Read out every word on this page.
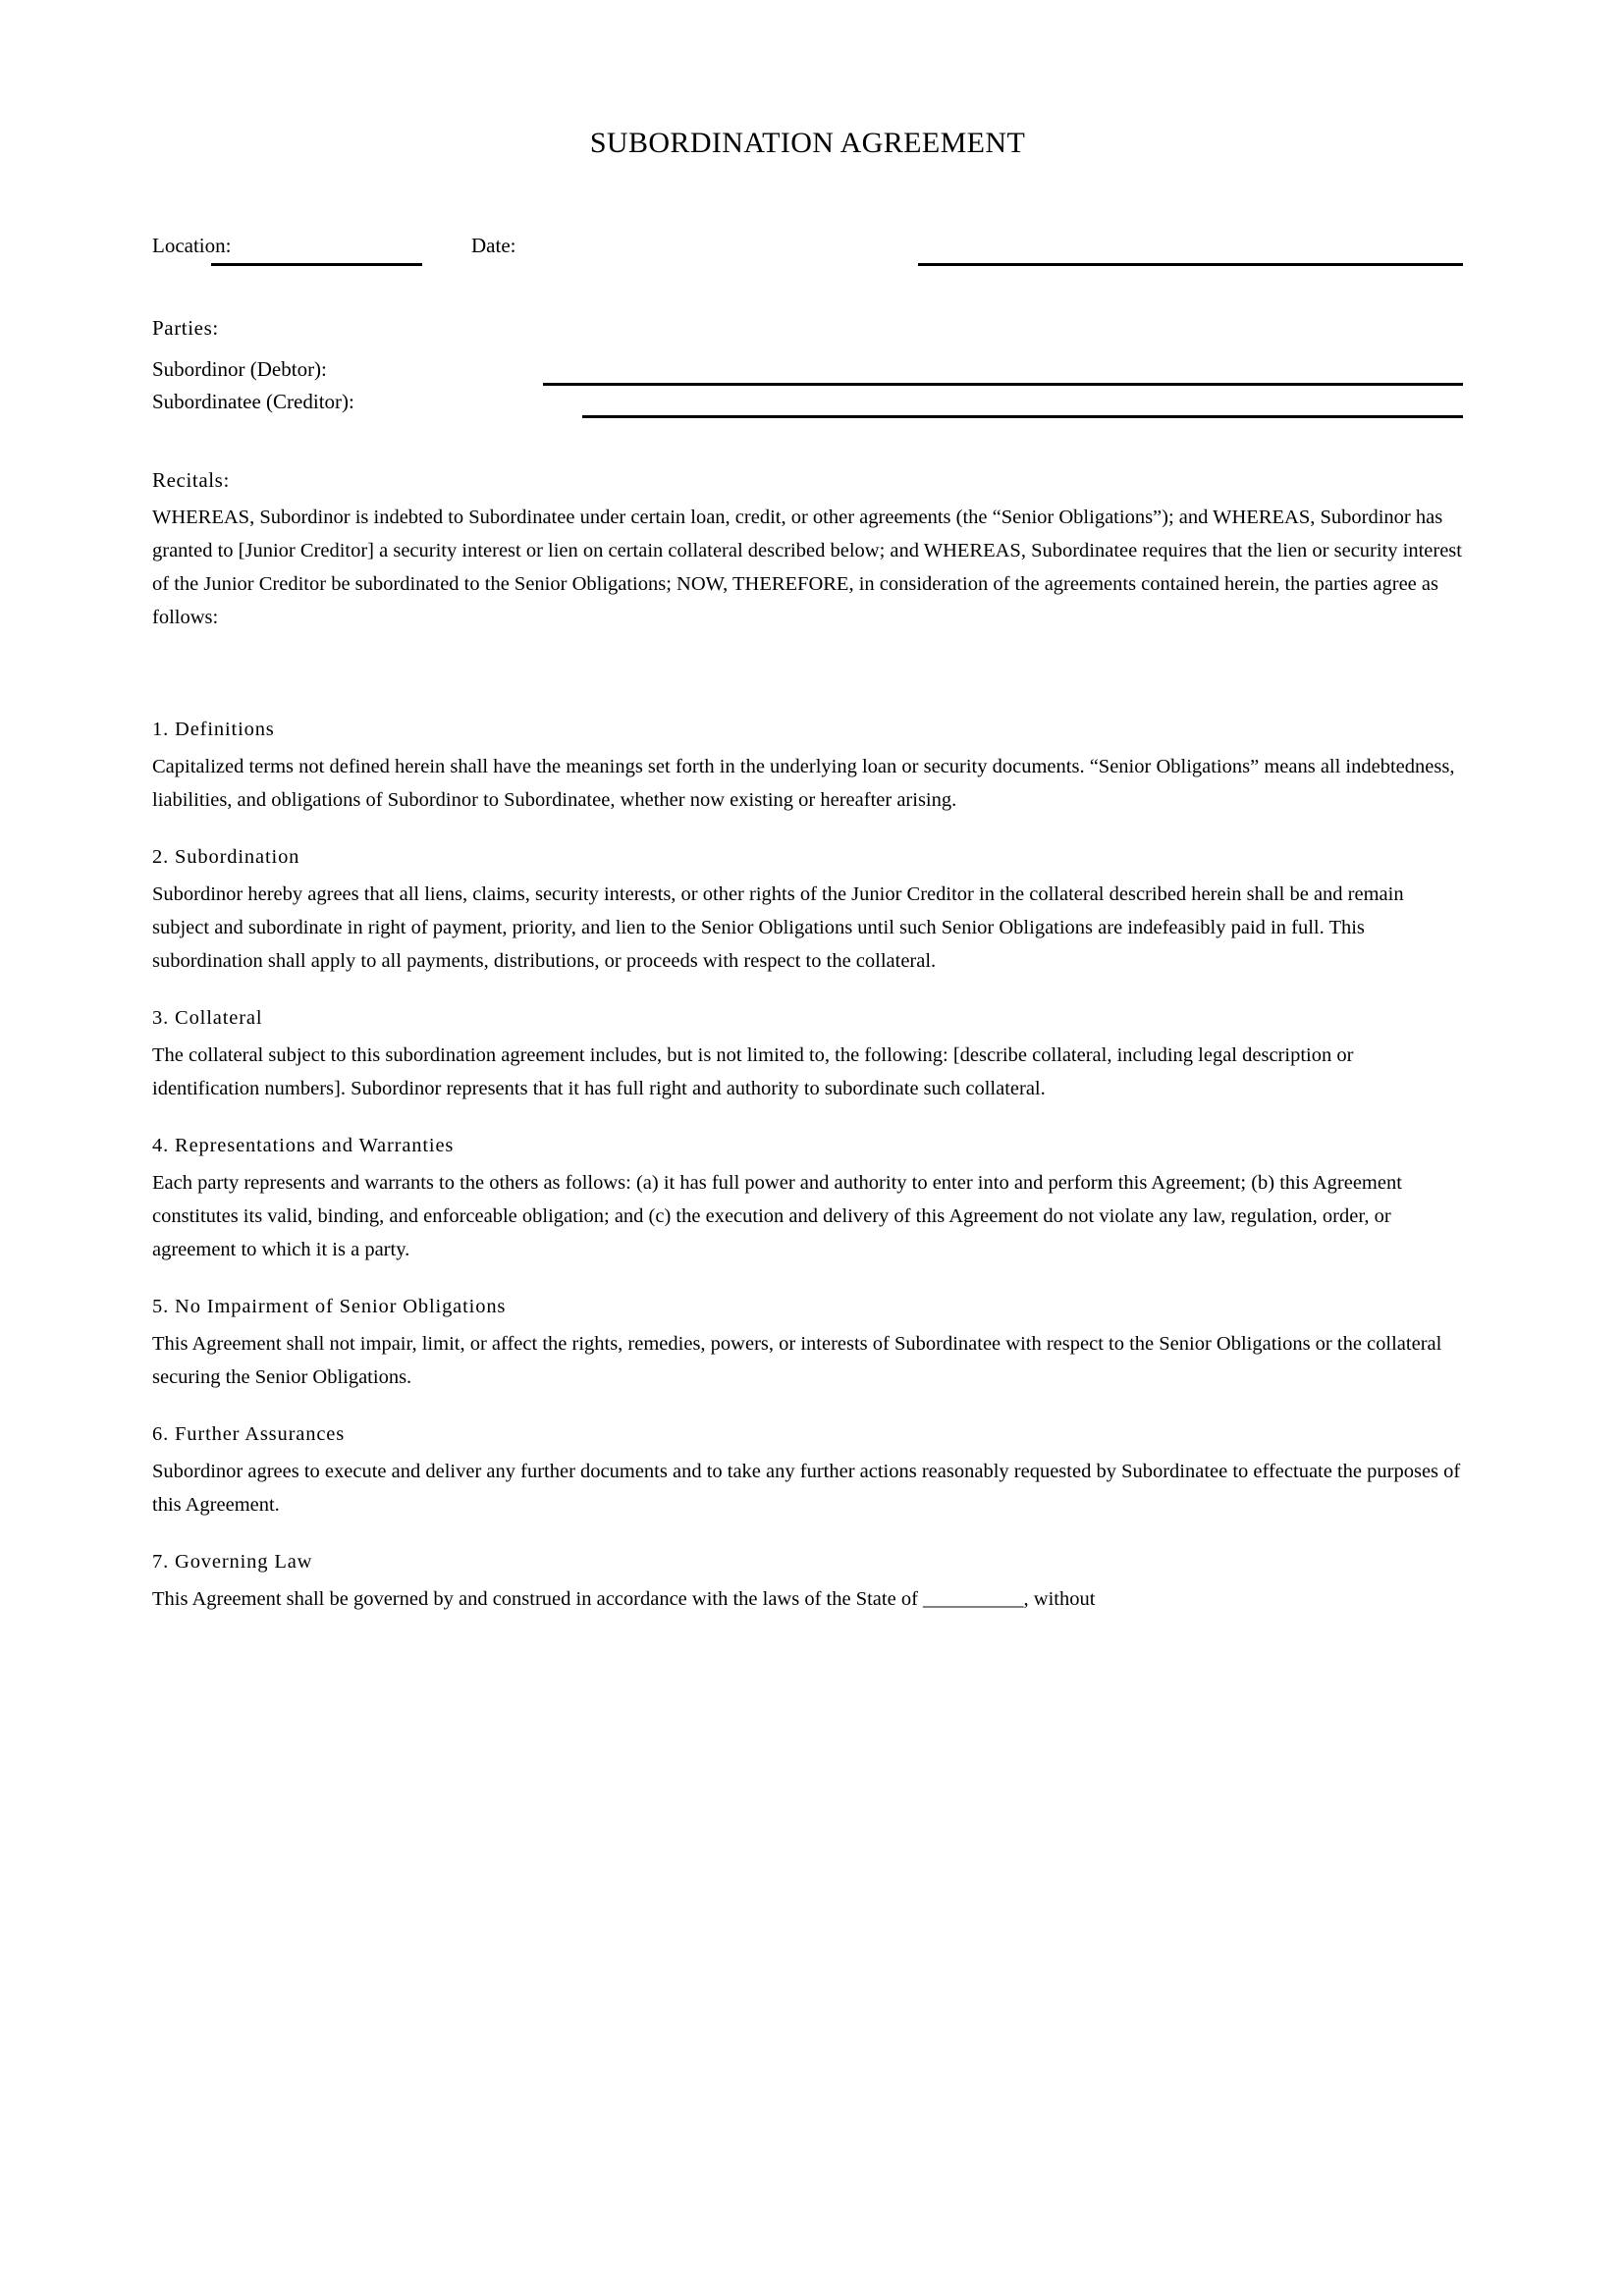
SUBORDINATION AGREEMENT
Location:	Date:
Parties:
Subordinor (Debtor):
Subordinatee (Creditor):
Recitals:

WHEREAS, Subordinor is indebted to Subordinatee under certain loan, credit, or other agreements (the “Senior Obligations”); and WHEREAS, Subordinor has granted to [Junior Creditor] a security interest or lien on certain collateral described below; and WHEREAS, Subordinatee requires that the lien or security interest of the Junior Creditor be subordinated to the Senior Obligations; NOW, THEREFORE, in consideration of the agreements contained herein, the parties agree as follows:

1. Definitions

Capitalized terms not defined herein shall have the meanings set forth in the underlying loan or security documents. “Senior Obligations” means all indebtedness, liabilities, and obligations of Subordinor to Subordinatee, whether now existing or hereafter arising.

2. Subordination

Subordinor hereby agrees that all liens, claims, security interests, or other rights of the Junior Creditor in the collateral described herein shall be and remain subject and subordinate in right of payment, priority, and lien to the Senior Obligations until such Senior Obligations are indefeasibly paid in full. This subordination shall apply to all payments, distributions, or proceeds with respect to the collateral.

3. Collateral

The collateral subject to this subordination agreement includes, but is not limited to, the following: [describe collateral, including legal description or identification numbers]. Subordinor represents that it has full right and authority to subordinate such collateral.

4. Representations and Warranties

Each party represents and warrants to the others as follows: (a) it has full power and authority to enter into and perform this Agreement; (b) this Agreement constitutes its valid, binding, and enforceable obligation; and (c) the execution and delivery of this Agreement do not violate any law, regulation, order, or agreement to which it is a party.

5. No Impairment of Senior Obligations

This Agreement shall not impair, limit, or affect the rights, remedies, powers, or interests of Subordinatee with respect to the Senior Obligations or the collateral securing the Senior Obligations.

6. Further Assurances

Subordinor agrees to execute and deliver any further documents and to take any further actions reasonably requested by Subordinatee to effectuate the purposes of this Agreement.

7. Governing Law

This Agreement shall be governed by and construed in accordance with the laws of the State of __________, without
